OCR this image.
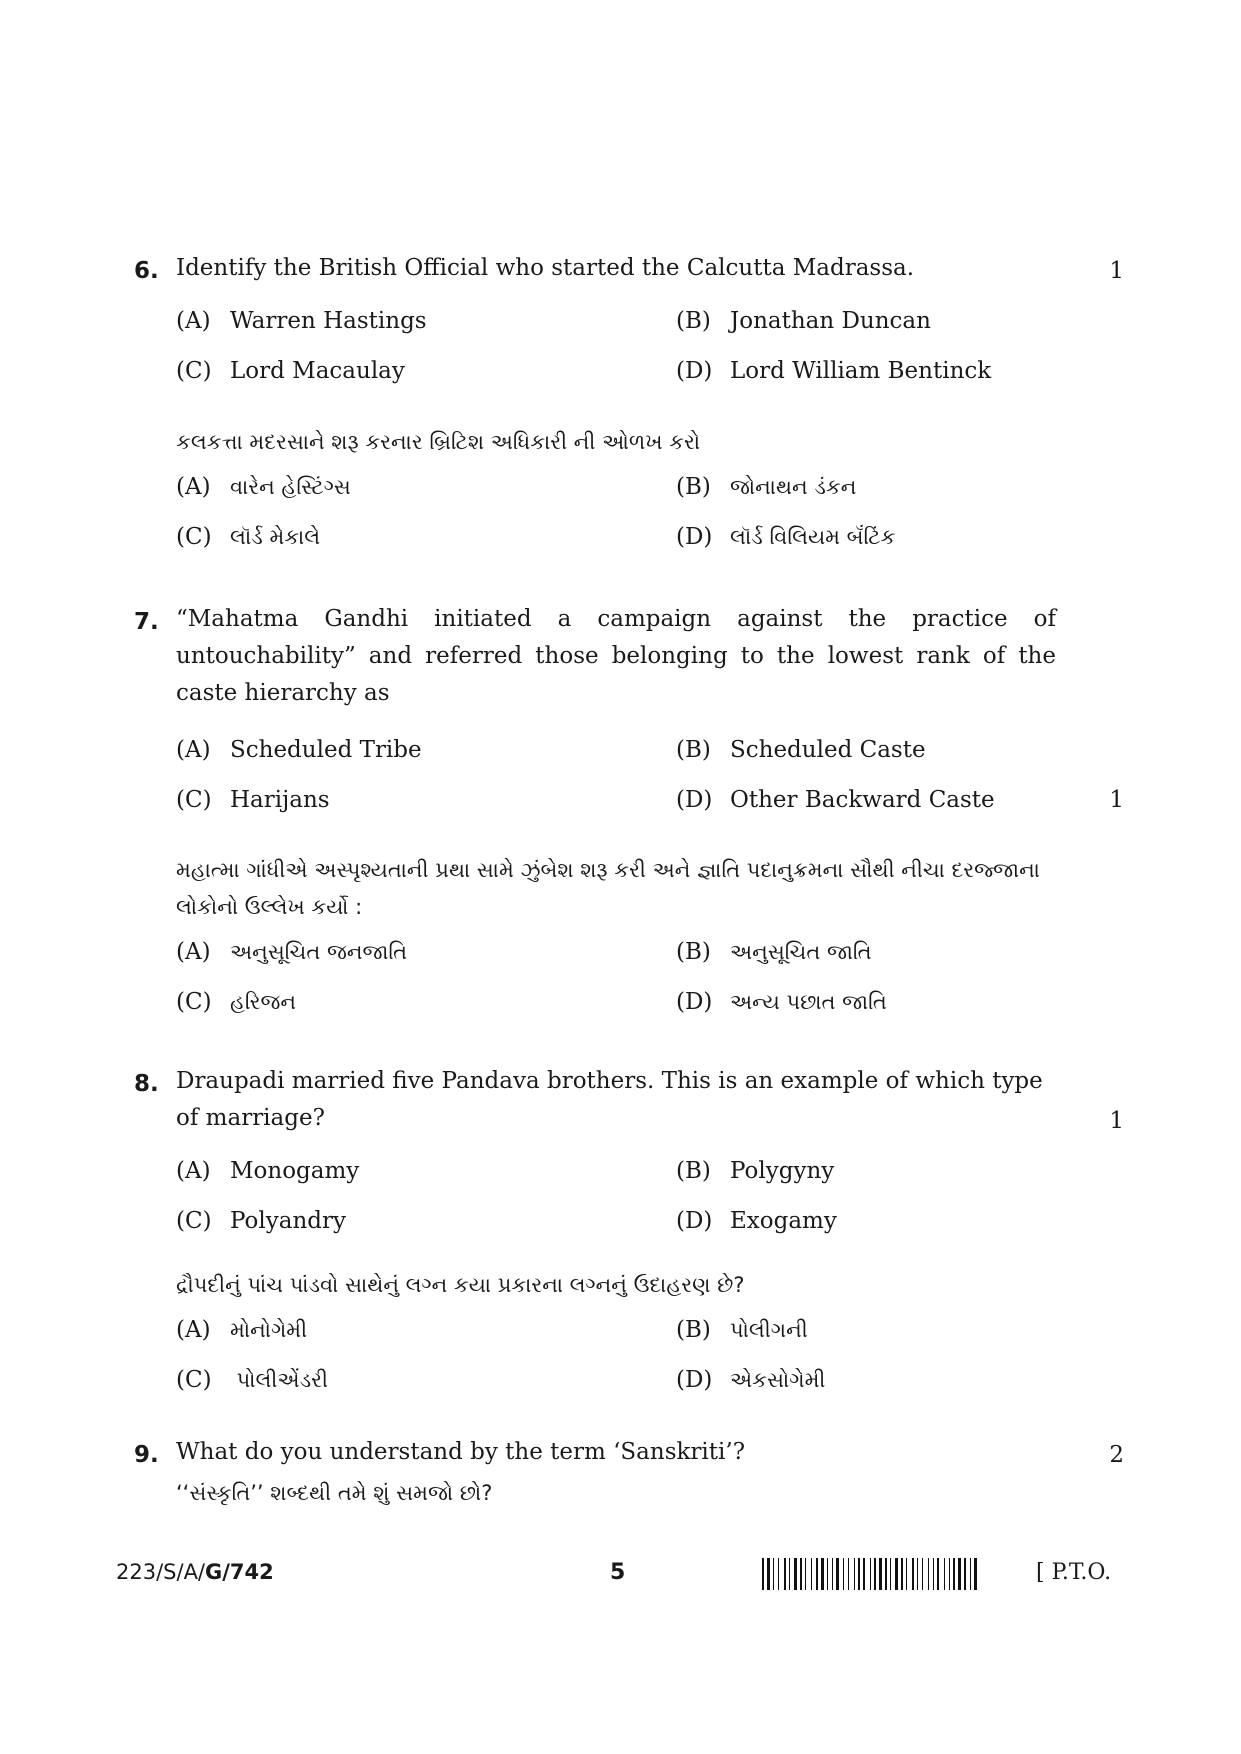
6. Identify the British Official who started the Calcutta Madrassa.	1
(A) Warren Hastings	(B) Jonathan Duncan
(C) Lord Macaulay	(D) Lord William Bentinck
કલકત્તા મદરસાને શરૂ કરનાર બ્રિટિશ અધિકારી ની ઓળખ કરો
(A) વારેન હેસ્ટિંગ્સ	(B) જોનાથન ડંકન
(C) લૉર્ડ મેકાલે	(D) લૉર્ડ વિલિયમ બૅંટિંક
7. “Mahatma Gandhi initiated a campaign against the practice of untouchability” and referred those belonging to the lowest rank of the caste hierarchy as
1
(A) Scheduled Tribe	(B) Scheduled Caste
(C) Harijans	(D) Other Backward Caste
મહાત્મા ગાંધીએ અસ્પૃશ્યતાની પ્રથા સામે ઝુંબેશ શરૂ કરી અને જ્ઞાતિ પદાનુક્રમના સૌથી નીચા દરજ્જાના લોકોનો ઉલ્લેખ કર્યો :
(A) અનુસૂચિત જનજાતિ	(B) અનુસૂચિત જાતિ
(C) હરિજન	(D) અન્ય પછાત જાતિ
8. Draupadi married five Pandava brothers. This is an example of which type of marriage?	1
(A) Monogamy	(B) Polygyny
(C) Polyandry	(D) Exogamy
દ્રૌપદીનું પાંચ પાંડવો સાથેનું લગ્ન કયા પ્રકારના લગ્નનું ઉદાહરણ છે?
(A) મોનોગેમી	(B) પોલીગની
(C) પોલીએંડરી	(D) એકસોગેમી
9. What do you understand by the term ‘Sanskriti’?	2
‘‘સંસ્કૃતિ’’ શબ્દથી તમે શું સમજો છો?
223/S/A/G/742	5	[ P.T.O.
